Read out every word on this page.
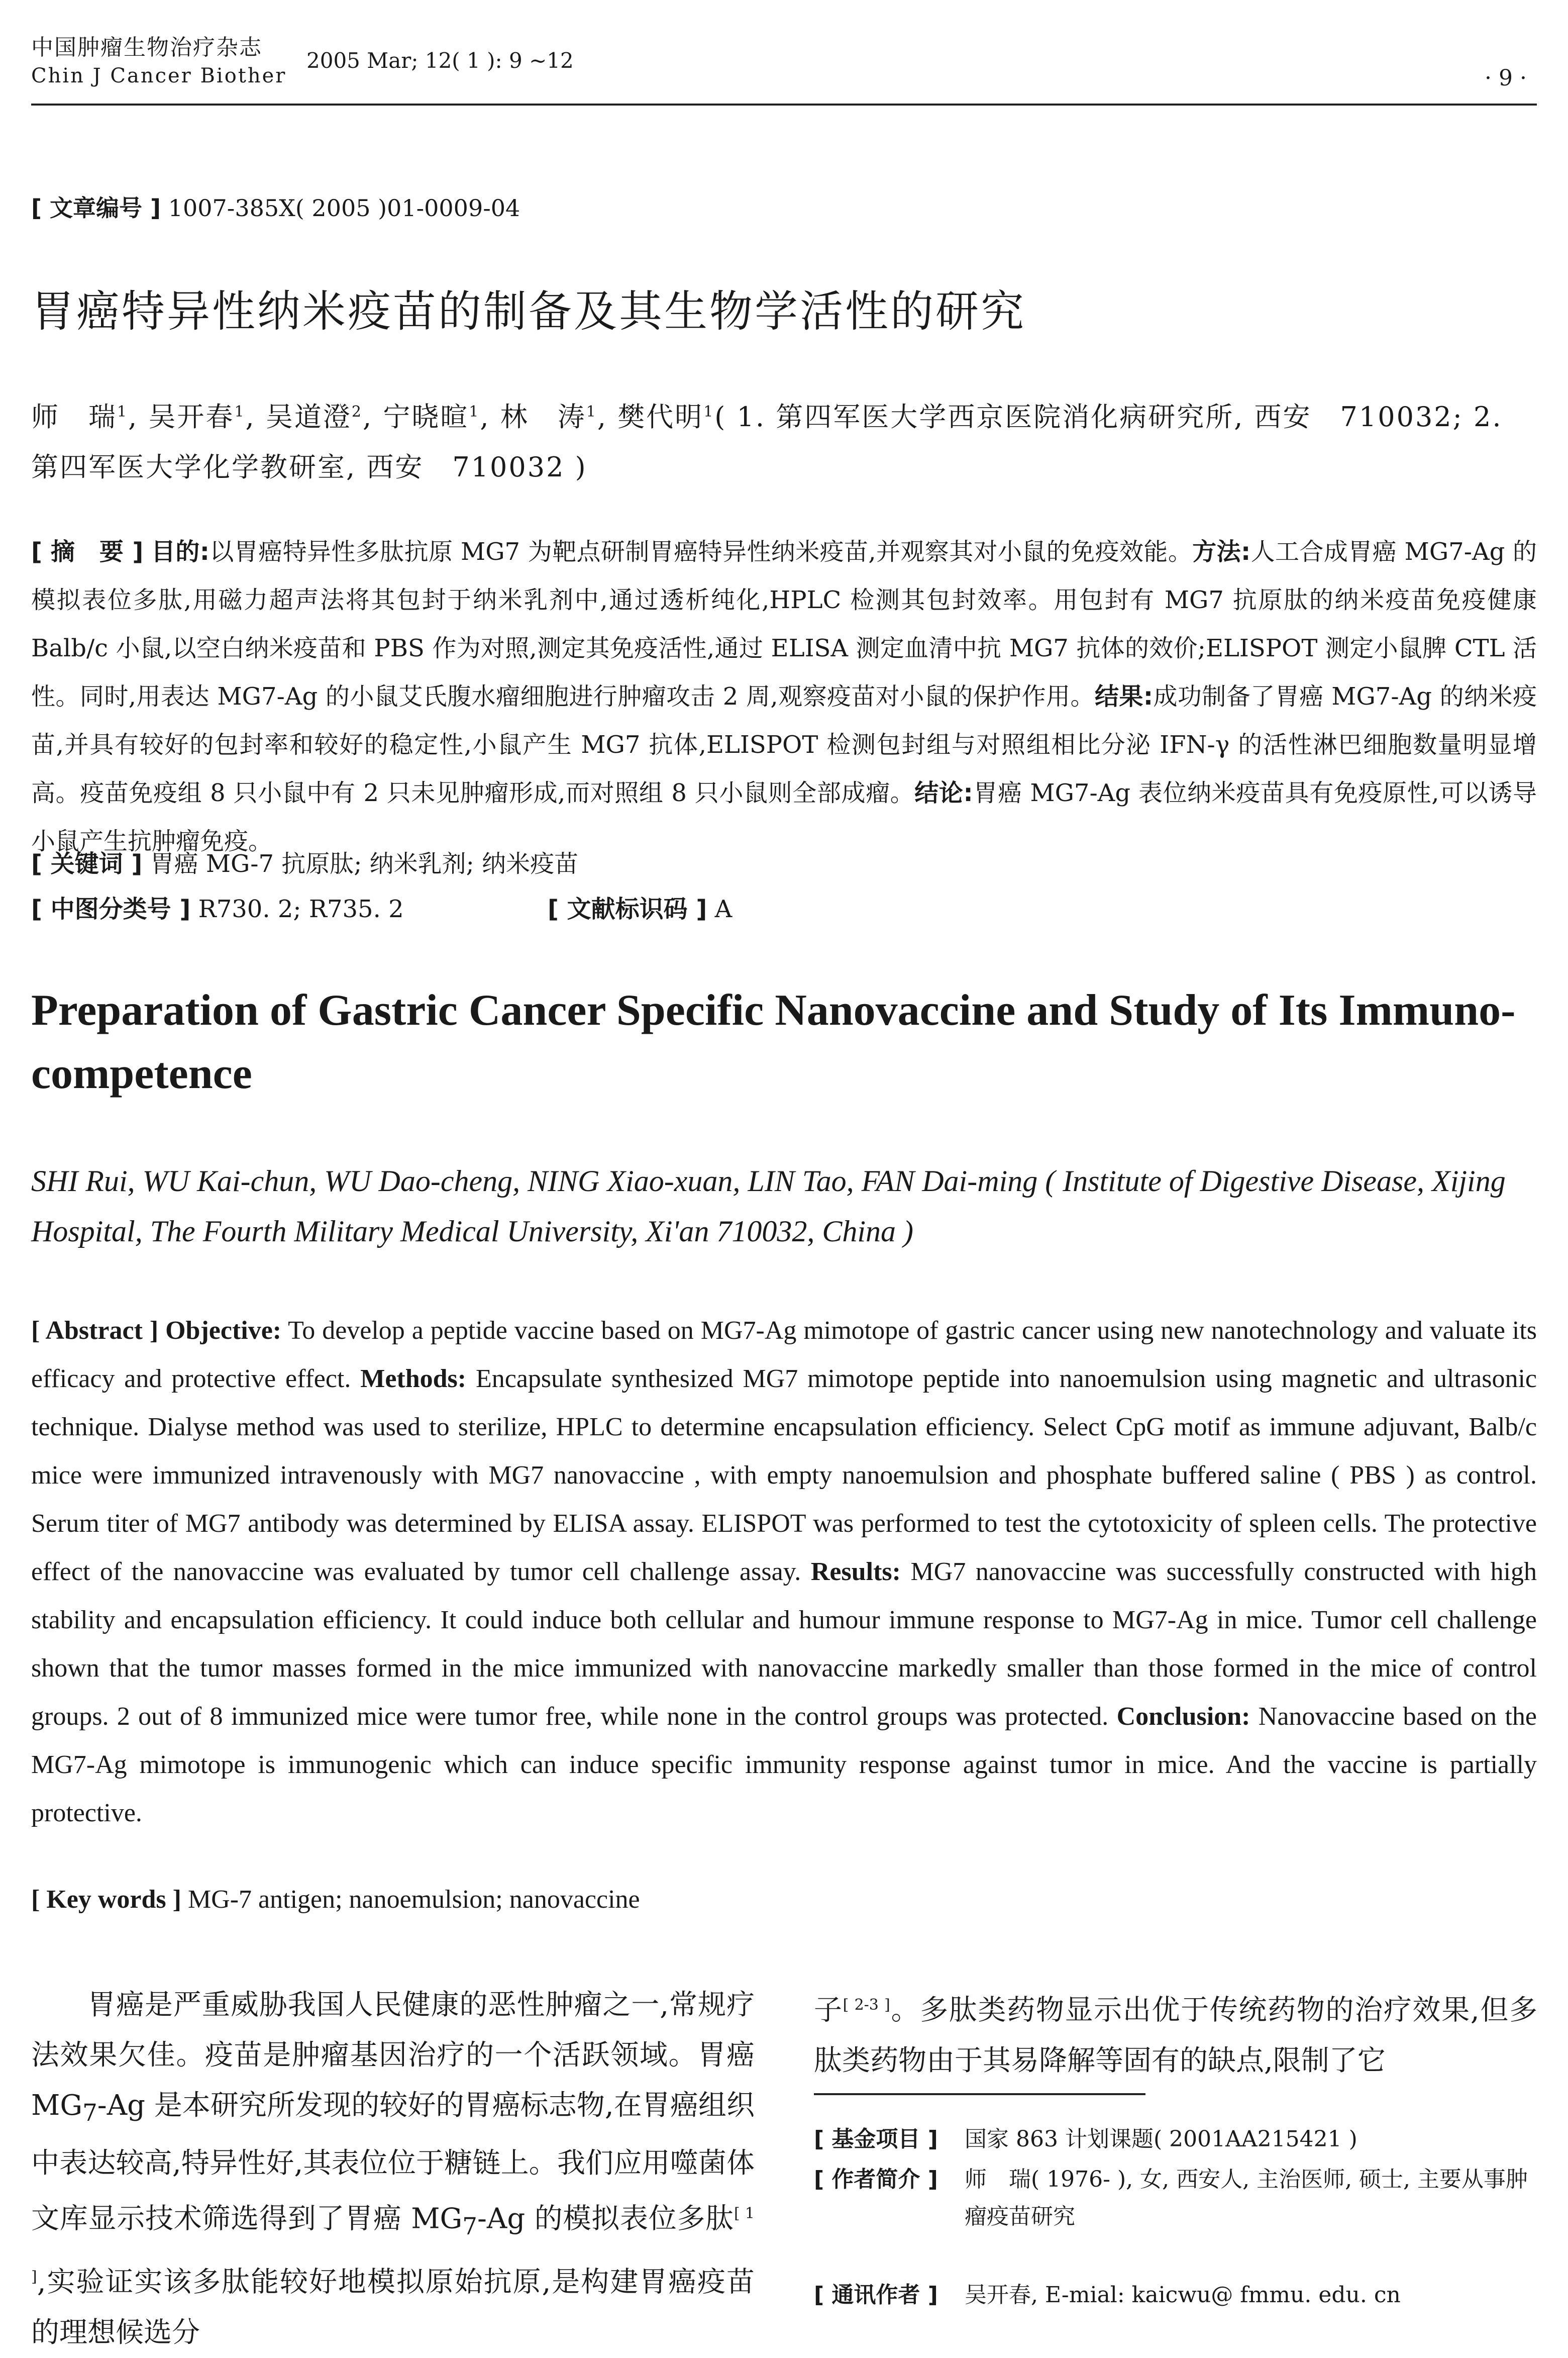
中国肿瘤生物治疗杂志
Chin J Cancer Biother
2005 Mar; 12( 1 ): 9 ~12
· 9 ·
[ 文章编号 ] 1007-385X( 2005 )01-0009-04
胃癌特异性纳米疫苗的制备及其生物学活性的研究
师　瑞$^1$, 吴开春$^1$, 吴道澄$^2$, 宁晓暄$^1$, 林　涛$^1$, 樊代明$^1$( 1. 第四军医大学西京医院消化病研究所, 西安　710032; 2. 第四军医大学化学教研室, 西安　710032 )
[ 摘　要 ] 目的:以胃癌特异性多肽抗原 MG7 为靶点研制胃癌特异性纳米疫苗,并观察其对小鼠的免疫效能。方法:人工合成胃癌 MG7-Ag 的模拟表位多肽,用磁力超声法将其包封于纳米乳剂中,通过透析纯化,HPLC 检测其包封效率。用包封有 MG7 抗原肽的纳米疫苗免疫健康 Balb/c 小鼠,以空白纳米疫苗和 PBS 作为对照,测定其免疫活性,通过 ELISA 测定血清中抗 MG7 抗体的效价;ELISPOT 测定小鼠脾 CTL 活性。同时,用表达 MG7-Ag 的小鼠艾氏腹水瘤细胞进行肿瘤攻击 2 周,观察疫苗对小鼠的保护作用。结果:成功制备了胃癌 MG7-Ag 的纳米疫苗,并具有较好的包封率和较好的稳定性,小鼠产生 MG7 抗体,ELISPOT 检测包封组与对照组相比分泌 IFN-γ 的活性淋巴细胞数量明显增高。疫苗免疫组 8 只小鼠中有 2 只未见肿瘤形成,而对照组 8 只小鼠则全部成瘤。结论:胃癌 MG7-Ag 表位纳米疫苗具有免疫原性,可以诱导小鼠产生抗肿瘤免疫。
[ 关键词 ] 胃癌 MG-7 抗原肽; 纳米乳剂; 纳米疫苗
[ 中图分类号 ] R730. 2; R735. 2	[ 文献标识码 ] A
Preparation of Gastric Cancer Specific Nanovaccine and Study of Its Immuno-competence
SHI Rui, WU Kai-chun, WU Dao-cheng, NING Xiao-xuan, LIN Tao, FAN Dai-ming ( Institute of Digestive Disease, Xijing Hospital, The Fourth Military Medical University, Xi'an 710032, China )
[ Abstract ] Objective: To develop a peptide vaccine based on MG7-Ag mimotope of gastric cancer using new nanotechnology and valuate its efficacy and protective effect. Methods: Encapsulate synthesized MG7 mimotope peptide into nanoemulsion using magnetic and ultrasonic technique. Dialyse method was used to sterilize, HPLC to determine encapsulation efficiency. Select CpG motif as immune adjuvant, Balb/c mice were immunized intravenously with MG7 nanovaccine , with empty nanoemulsion and phosphate buffered saline ( PBS ) as control. Serum titer of MG7 antibody was determined by ELISA assay. ELISPOT was performed to test the cytotoxicity of spleen cells. The protective effect of the nanovaccine was evaluated by tumor cell challenge assay. Results: MG7 nanovaccine was successfully constructed with high stability and encapsulation efficiency. It could induce both cellular and humour immune response to MG7-Ag in mice. Tumor cell challenge shown that the tumor masses formed in the mice immunized with nanovaccine markedly smaller than those formed in the mice of control groups. 2 out of 8 immunized mice were tumor free, while none in the control groups was protected. Conclusion: Nanovaccine based on the MG7-Ag mimotope is immunogenic which can induce specific immunity response against tumor in mice. And the vaccine is partially protective.
[ Key words ] MG-7 antigen; nanoemulsion; nanovaccine
胃癌是严重威胁我国人民健康的恶性肿瘤之一,常规疗法效果欠佳。疫苗是肿瘤基因治疗的一个活跃领域。胃癌 $MG_7-Ag$ 是本研究所发现的较好的胃癌标志物,在胃癌组织中表达较高,特异性好,其表位位于糖链上。我们应用噬菌体文库显示技术筛选得到了胃癌 $MG_7-Ag$ 的模拟表位多肽[ 1 ],实验证实该多肽能较好地模拟原始抗原,是构建胃癌疫苗的理想候选分
子[ 2-3 ]。多肽类药物显示出优于传统药物的治疗效果,但多肽类药物由于其易降解等固有的缺点,限制了它
[ 基金项目 ] 国家 863 计划课题( 2001AA215421 )
[ 作者简介 ] 师　瑞( 1976- ), 女, 西安人, 主治医师, 硕士, 主要从事肿瘤疫苗研究
[ 通讯作者 ] 吴开春, E-mial: kaicwu@ fmmu. edu. cn
